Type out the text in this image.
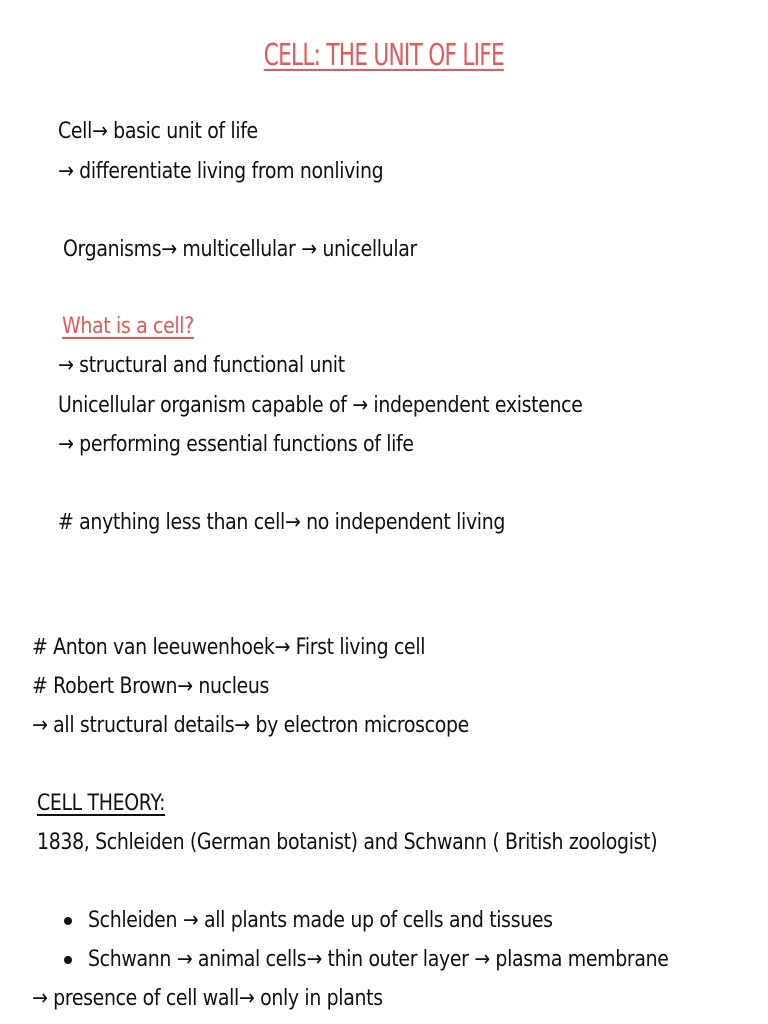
CELL: THE UNIT OF LIFE
Cell→ basic unit of life
→ differentiate living from nonliving
Organisms→ multicellular → unicellular
What is a cell?
→ structural and functional unit
Unicellular organism capable of → independent existence
→ performing essential functions of life
# anything less than cell→ no independent living
# Anton van leeuwenhoek→ First living cell
# Robert Brown→ nucleus
→ all structural details→ by electron microscope
CELL THEORY:
1838, Schleiden (German botanist) and Schwann ( British zoologist)
Schleiden → all plants made up of cells and tissues
Schwann → animal cells→ thin outer layer → plasma membrane
→ presence of cell wall→ only in plants
